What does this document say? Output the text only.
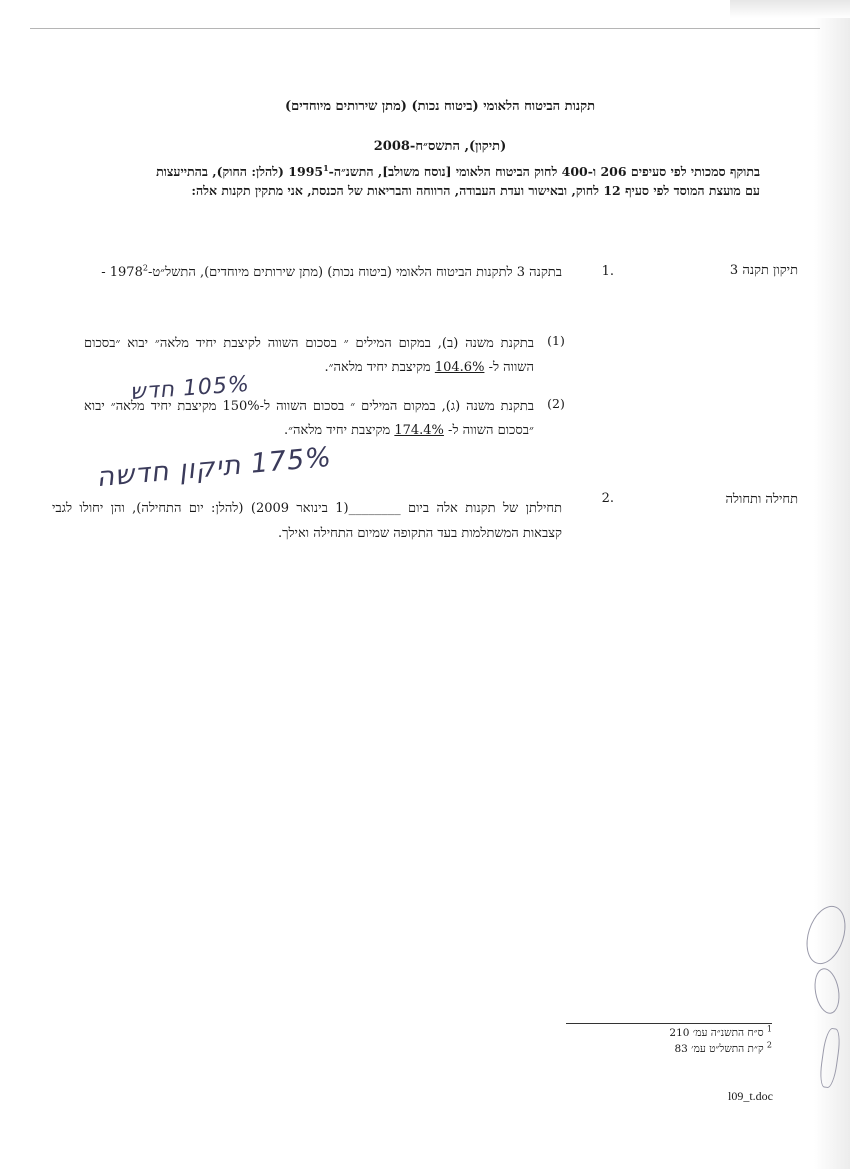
תקנות הביטוח הלאומי (ביטוח נכות) (מתן שירותים מיוחדים)
(תיקון), התשס״ח-2008
בתוקף סמכותי לפי סעיפים 206 ו-400 לחוק הביטוח הלאומי [נוסח משולב], התשנ״ה-1995$^1$ (להלן: החוק), בהתייעצות עם מועצת המוסד לפי סעיף 12 לחוק, ובאישור ועדת העבודה, הרווחה והבריאות של הכנסת, אני מתקין תקנות אלה:
תיקון תקנה 3
1.
בתקנה 3 לתקנות הביטוח הלאומי (ביטוח נכות) (מתן שירותים מיוחדים), התשל״ט-1978$^2$ -
(1)
בתקנת משנה (ב), במקום המילים ״ בסכום השווה לקיצבת יחיד מלאה״ יבוא ״בסכום השווה ל- 104.6% מקיצבת יחיד מלאה״.
105% חדש
(2)
בתקנת משנה (ג), במקום המילים ״ בסכום השווה ל-150% מקיצבת יחיד מלאה״ יבוא ״בסכום השווה ל- 174.4% מקיצבת יחיד מלאה״.
175% תיקון חדשה
תחילה ותחולה
2.
תחילתן של תקנות אלה ביום ________(1 בינואר 2009) (להלן: יום התחילה), והן יחולו לגבי קצבאות המשתלמות בעד התקופה שמיום התחילה ואילך.
$^1$ ס״ח התשנ״ה עמ׳ 210
$^2$ ק״ת התשל״ט עמ׳ 83
l09_t.doc
